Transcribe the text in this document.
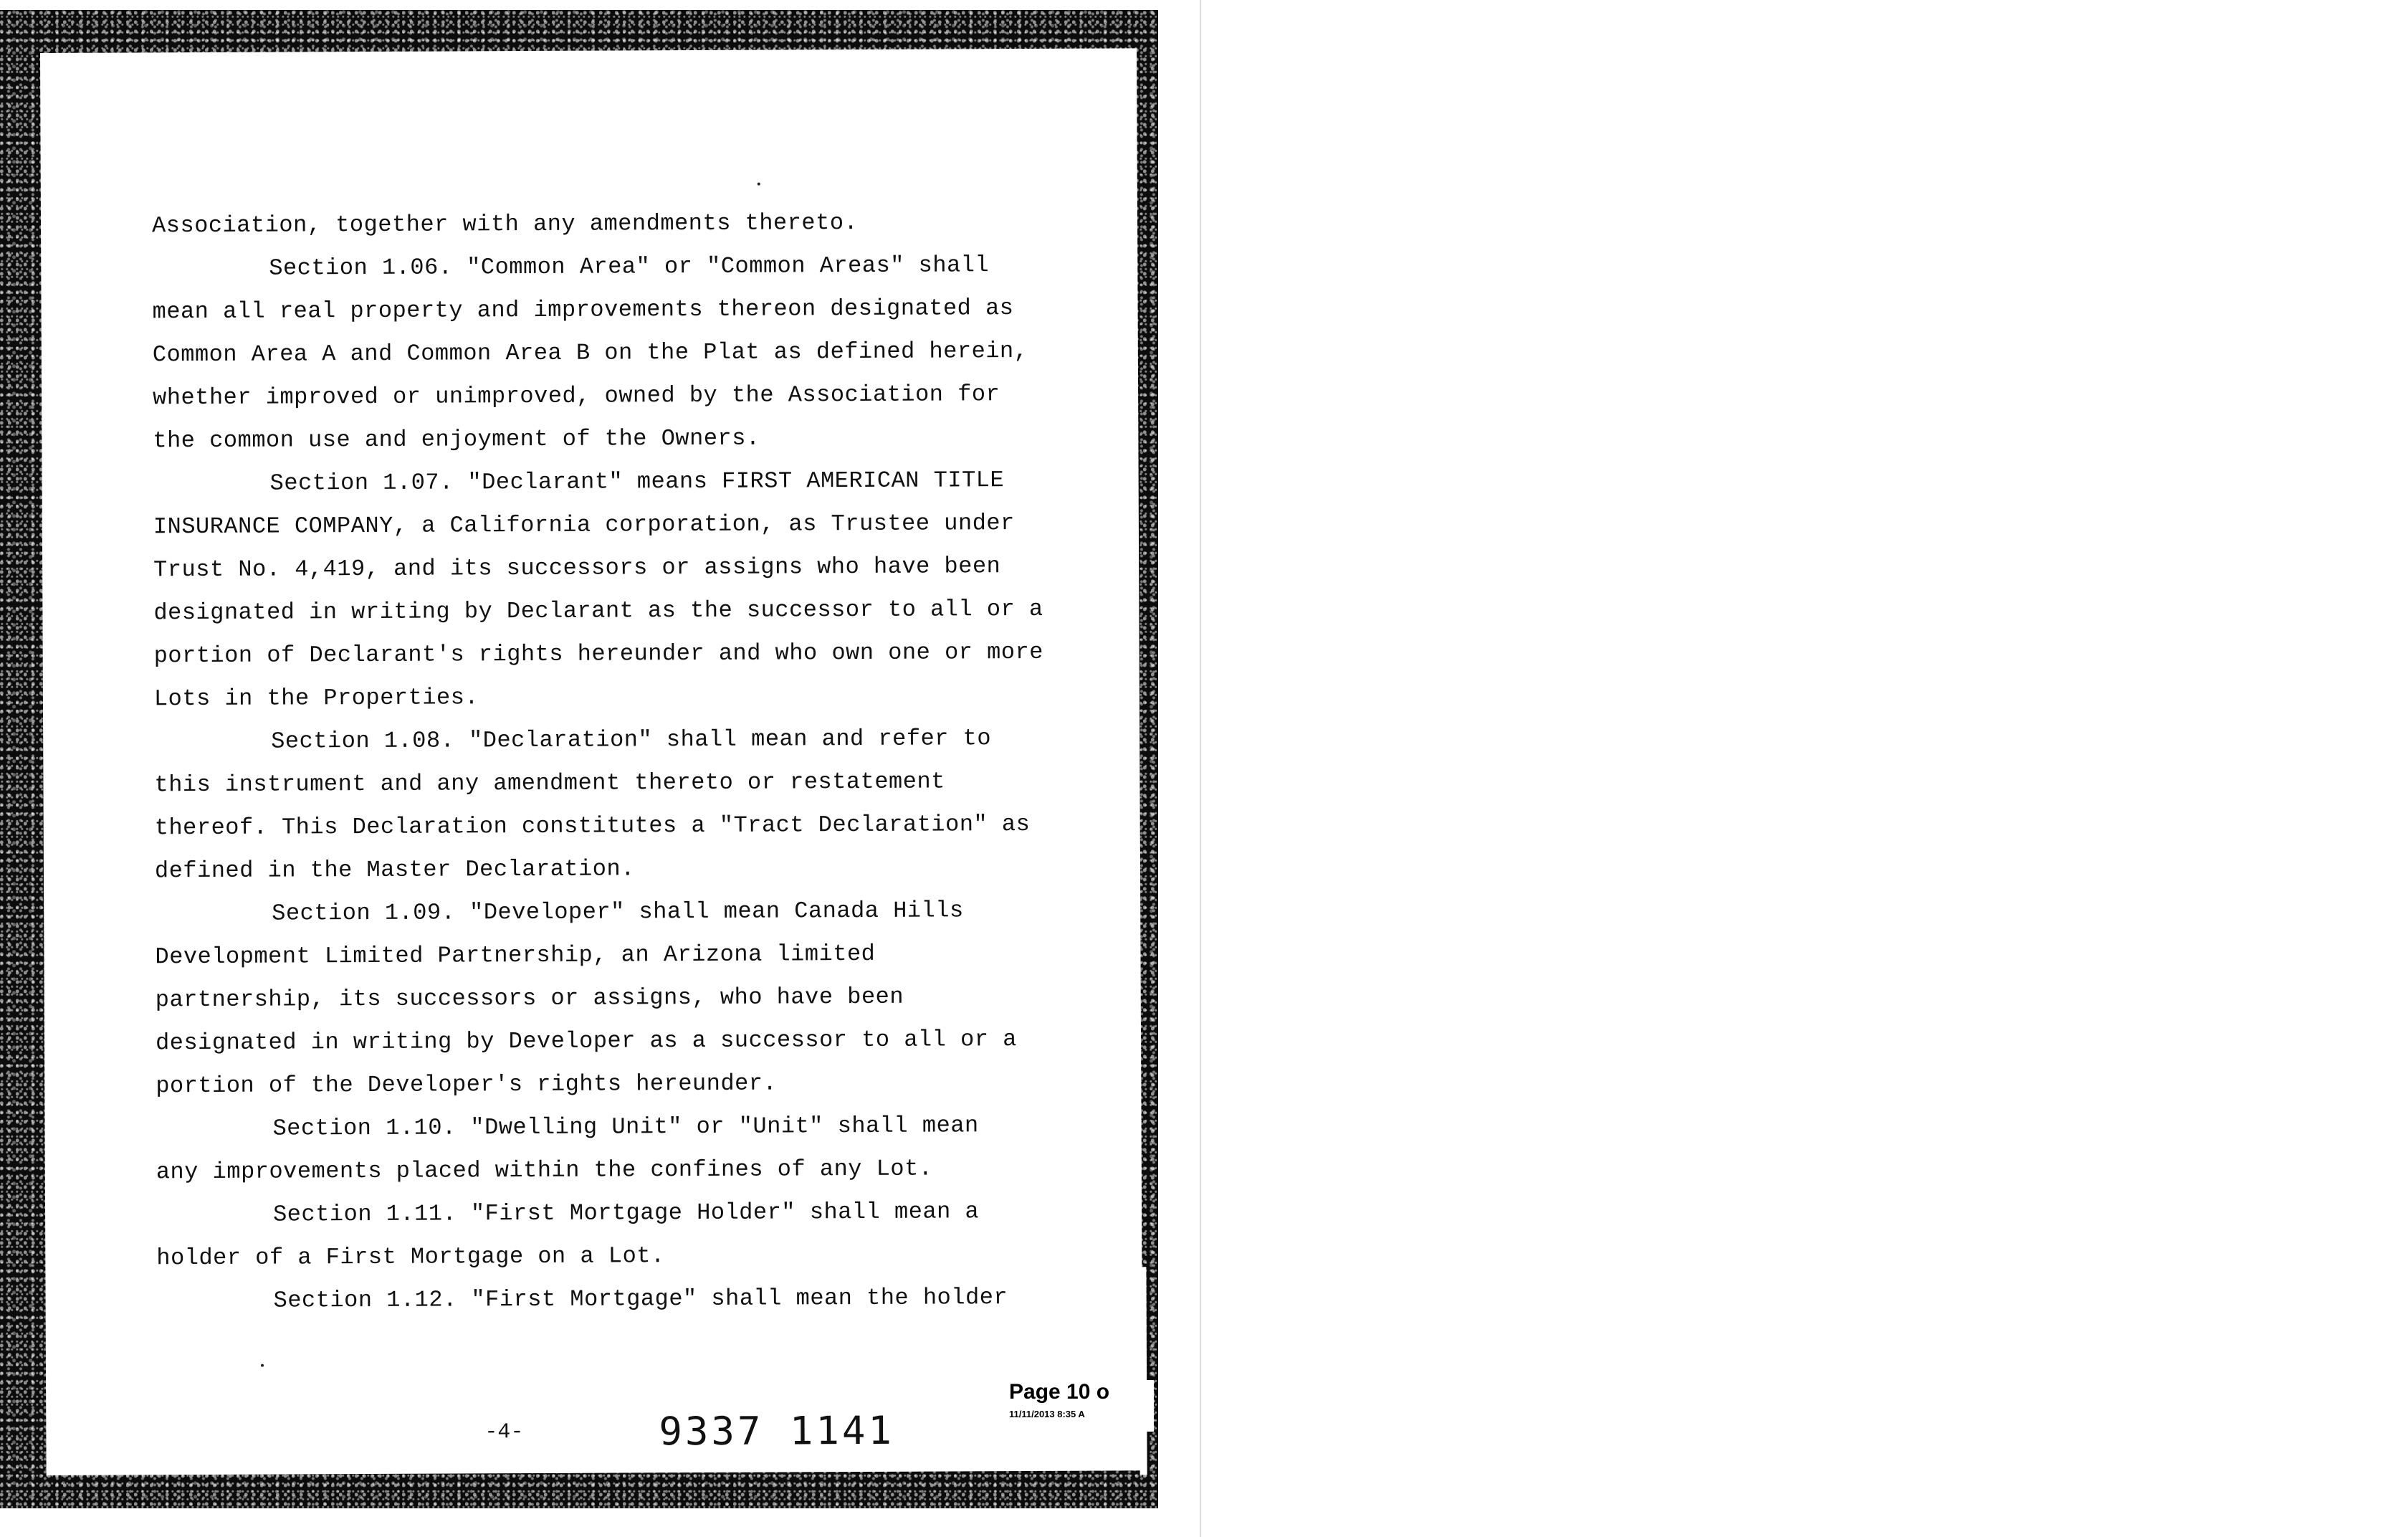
Association, together with any amendments thereto.
Section 1.06. "Common Area" or "Common Areas" shall
mean all real property and improvements thereon designated as
Common Area A and Common Area B on the Plat as defined herein,
whether improved or unimproved, owned by the Association for
the common use and enjoyment of the Owners.
Section 1.07. "Declarant" means FIRST AMERICAN TITLE
INSURANCE COMPANY, a California corporation, as Trustee under
Trust No. 4,419, and its successors or assigns who have been
designated in writing by Declarant as the successor to all or a
portion of Declarant's rights hereunder and who own one or more
Lots in the Properties.
Section 1.08. "Declaration" shall mean and refer to
this instrument and any amendment thereto or restatement
thereof. This Declaration constitutes a "Tract Declaration" as
defined in the Master Declaration.
Section 1.09. "Developer" shall mean Canada Hills
Development Limited Partnership, an Arizona limited
partnership, its successors or assigns, who have been
designated in writing by Developer as a successor to all or a
portion of the Developer's rights hereunder.
Section 1.10. "Dwelling Unit" or "Unit" shall mean
any improvements placed within the confines of any Lot.
Section 1.11. "First Mortgage Holder" shall mean a
holder of a First Mortgage on a Lot.
Section 1.12. "First Mortgage" shall mean the holder
-4-	9337 1141
Page 10 o
11/11/2013 8:35 A
